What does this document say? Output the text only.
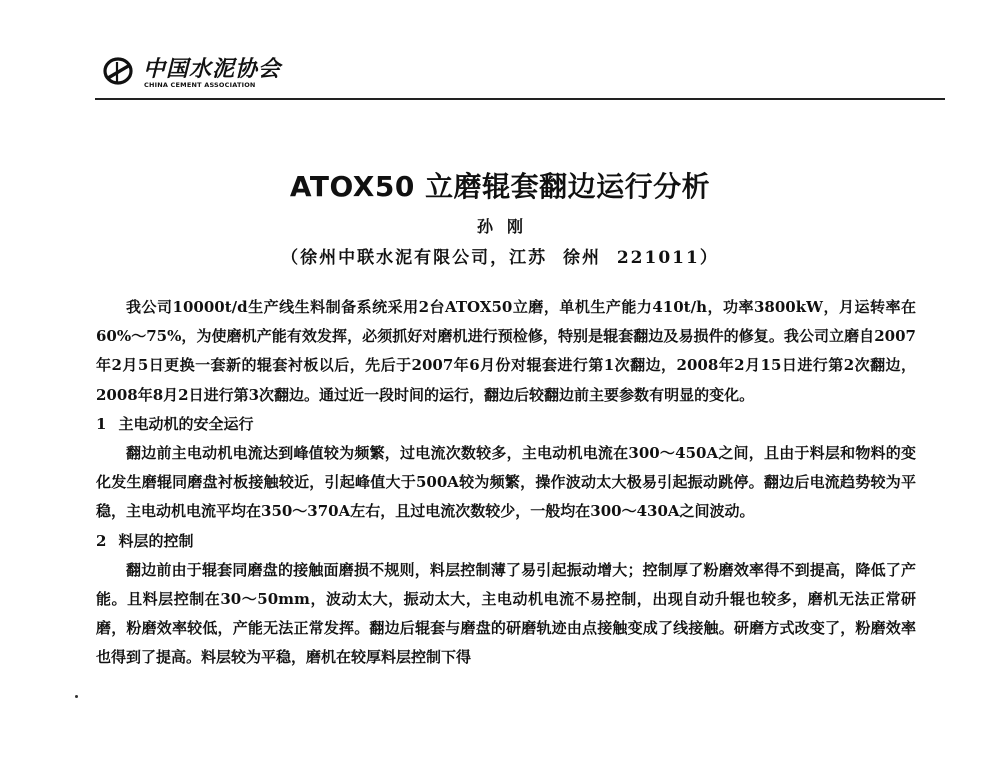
中国水泥协会
CHINA CEMENT ASSOCIATION
ATOX50 立磨辊套翻边运行分析
孙刚
（徐州中联水泥有限公司，江苏  徐州  221011）

我公司10000t/d生产线生料制备系统采用2台ATOX50立磨，单机生产能力410t/h，功率3800kW，月运转率在60%～75%，为使磨机产能有效发挥，必须抓好对磨机进行预检修，特别是辊套翻边及易损件的修复。我公司立磨自2007年2月5日更换一套新的辊套衬板以后，先后于2007年6月份对辊套进行第1次翻边，2008年2月15日进行第2次翻边，2008年8月2日进行第3次翻边。通过近一段时间的运行，翻边后较翻边前主要参数有明显的变化。

1 主电动机的安全运行

翻边前主电动机电流达到峰值较为频繁，过电流次数较多，主电动机电流在300～450A之间，且由于料层和物料的变化发生磨辊同磨盘衬板接触较近，引起峰值大于500A较为频繁，操作波动太大极易引起振动跳停。翻边后电流趋势较为平稳，主电动机电流平均在350～370A左右，且过电流次数较少，一般均在300～430A之间波动。

2 料层的控制

翻边前由于辊套同磨盘的接触面磨损不规则，料层控制薄了易引起振动增大；控制厚了粉磨效率得不到提高，降低了产能。且料层控制在30～50mm，波动太大，振动太大，主电动机电流不易控制，出现自动升辊也较多，磨机无法正常研磨，粉磨效率较低，产能无法正常发挥。翻边后辊套与磨盘的研磨轨迹由点接触变成了线接触。研磨方式改变了，粉磨效率也得到了提高。料层较为平稳，磨机在较厚料层控制下得
